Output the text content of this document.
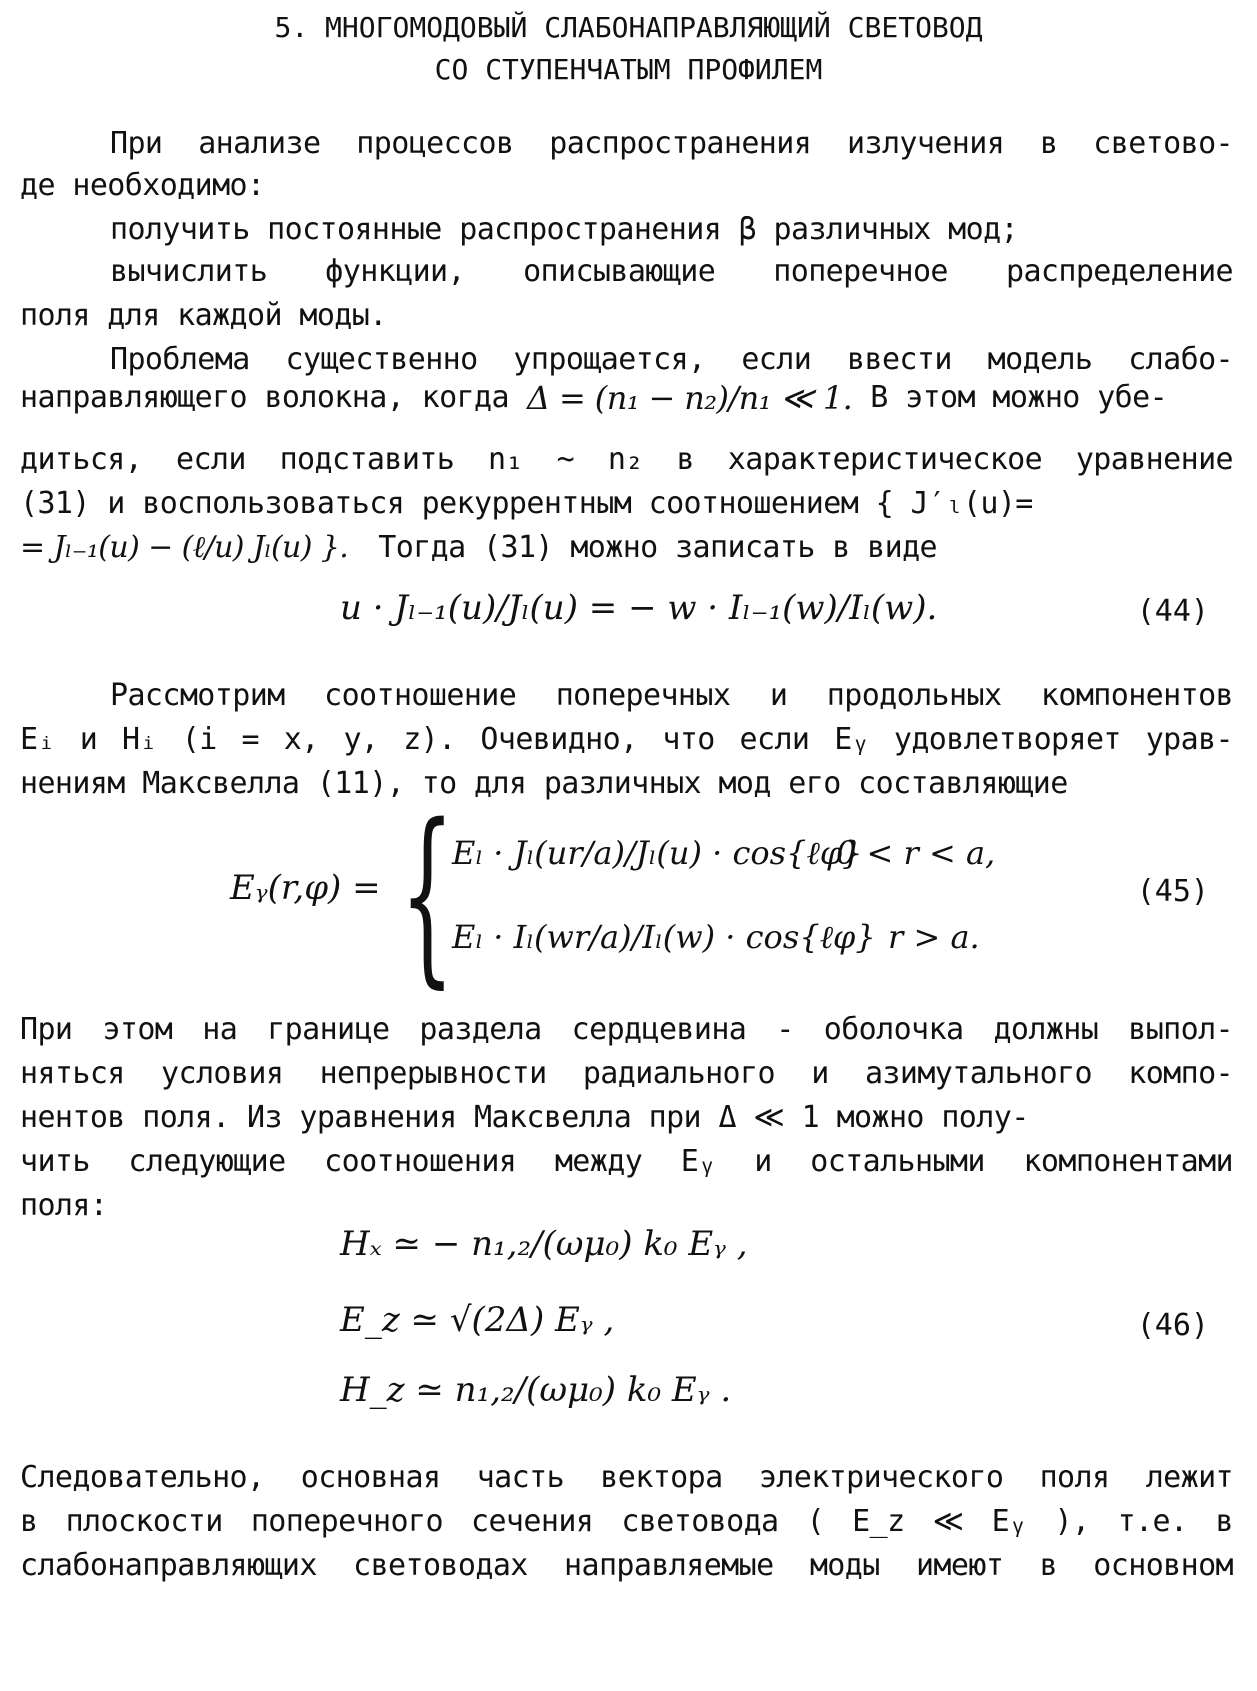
5. МНОГОМОДОВЫЙ СЛАБОНАПРАВЛЯЮЩИЙ СВЕТОВОД
СО СТУПЕНЧАТЫМ ПРОФИЛЕМ
При анализе процессов распространения излучения в светово-
де необходимо:
получить постоянные распространения β различных мод;
вычислить функции, описывающие поперечное распределение
поля для каждой моды.
Проблема существенно упрощается, если ввести модель слабо-
направляющего волокна, когда Δ = (n₁ − n₂)/n₁ ≪ 1. В этом можно убе-
диться, если подставить n₁ ~ n₂ в характеристическое уравнение
(31) и воспользоваться рекуррентным соотношением { J′ₗ(u)=
= Jₗ₋₁(u) − (ℓ/u) Jₗ(u) }. Тогда (31) можно записать в виде
u · Jₗ₋₁(u)/Jₗ(u) = − w · Iₗ₋₁(w)/Iₗ(w).	(44)
Рассмотрим соотношение поперечных и продольных компонентов
Eᵢ и Hᵢ (i = x, y, z). Очевидно, что если Eᵧ удовлетворяет урав-
нениям Максвелла (11), то для различных мод его составляющие
Eᵧ(r,φ) = {
Eₗ · Jₗ(ur/a)/Jₗ(u) · cos{ℓφ}
0 < r < a,
Eₗ · Iₗ(wr/a)/Iₗ(w) · cos{ℓφ} r > a.
(45)
При этом на границе раздела сердцевина - оболочка должны выпол-
няться условия непрерывности радиального и азимутального компо-
нентов поля. Из уравнения Максвелла при Δ ≪ 1 можно полу-
чить следующие соотношения между Eᵧ и остальными компонентами
поля:
Hₓ ≃ − n₁,₂/(ωμ₀) k₀ Eᵧ ,
E_z ≃ √(2Δ) Eᵧ ,
H_z ≃ n₁,₂/(ωμ₀) k₀ Eᵧ .
(46)
Следовательно, основная часть вектора электрического поля лежит
в плоскости поперечного сечения световода ( E_z ≪ Eᵧ ), т.е. в
слабонаправляющих световодах направляемые моды имеют в основном
